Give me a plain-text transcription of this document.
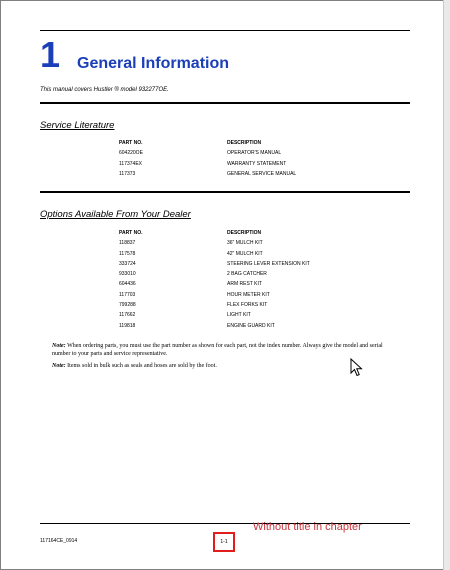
1 General Information
This manual covers Hustler ® model 932277OE.
Service Literature
PART NO.	DESCRIPTION
604220OE	OPERATOR'S MANUAL
117374EX	WARRANTY STATEMENT
117373	GENERAL SERVICE MANUAL
Options Available From Your Dealer
PART NO.	DESCRIPTION
118837	36" MULCH KIT
117578	42" MULCH KIT
333724	STEERING LEVER EXTENSION KIT
933010	2 BAG CATCHER
604436	ARM REST KIT
117703	HOUR METER KIT
799288	FLEX FORKS KIT
117662	LIGHT KIT
119818	ENGINE GUARD KIT

Note: When ordering parts, you must use the part number as shown for each part, not the index number. Always give the model and serial number to your parts and service representative.

Note: Items sold in bulk such as seals and hoses are sold by the foot.

117164CE_0914	1-1
Without title in chapter
